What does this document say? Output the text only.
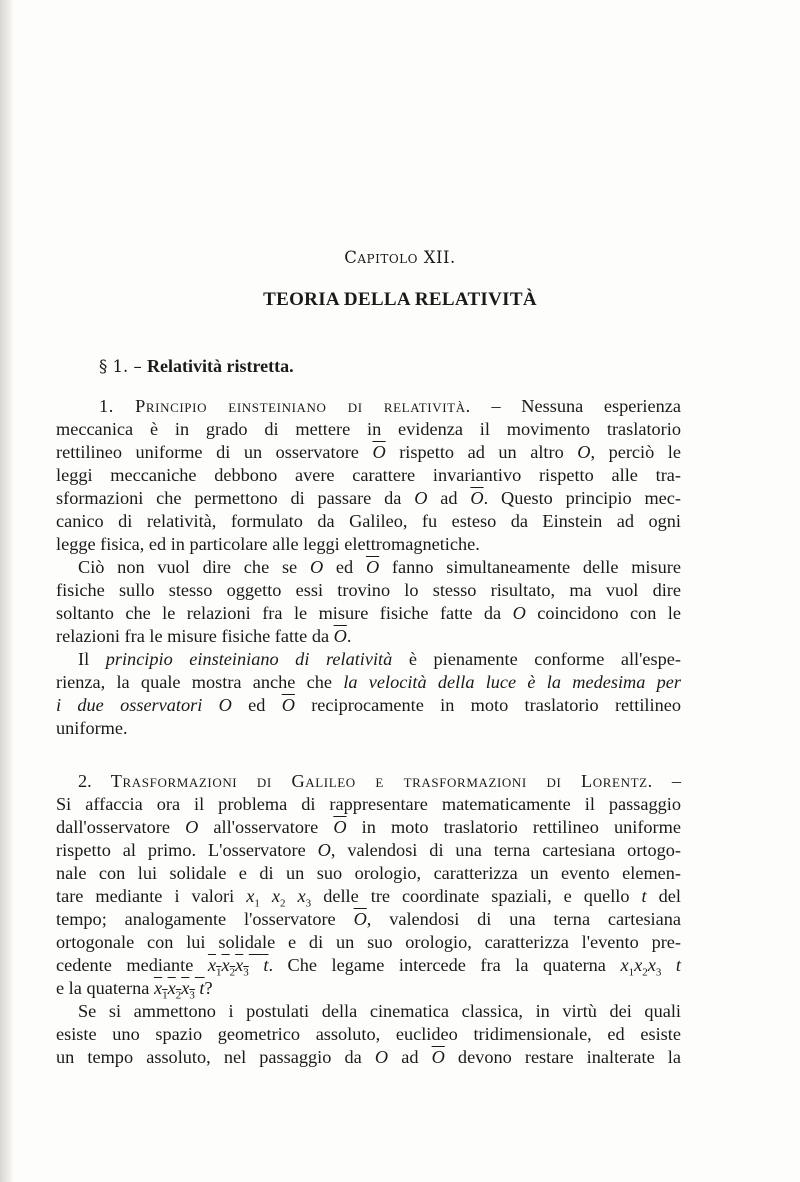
Capitolo XII.
TEORIA DELLA RELATIVITÀ
§ 1. – Relatività ristretta.
1. Principio einsteiniano di relatività. – Nessuna esperienza
meccanica è in grado di mettere in evidenza il movimento traslatorio
rettilineo uniforme di un osservatore $\overline{O}$ rispetto ad un altro O, perciò le
leggi meccaniche debbono avere carattere invariantivo rispetto alle tra-
sformazioni che permettono di passare da O ad $\overline{O}$. Questo principio mec-
canico di relatività, formulato da Galileo, fu esteso da Einstein ad ogni
legge fisica, ed in particolare alle leggi elettromagnetiche.
Ciò non vuol dire che se O ed $\overline{O}$ fanno simultaneamente delle misure
fisiche sullo stesso oggetto essi trovino lo stesso risultato, ma vuol dire
soltanto che le relazioni fra le misure fisiche fatte da O coincidono con le
relazioni fra le misure fisiche fatte da $\overline{O}$.
Il principio einsteiniano di relatività è pienamente conforme all'espe-
rienza, la quale mostra anche che la velocità della luce è la medesima per
i due osservatori O ed $\overline{O}$ reciprocamente in moto traslatorio rettilineo
uniforme.
2. Trasformazioni di Galileo e trasformazioni di Lorentz. –
Si affaccia ora il problema di rappresentare matematicamente il passaggio
dall'osservatore O all'osservatore $\overline{O}$ in moto traslatorio rettilineo uniforme
rispetto al primo. L'osservatore O, valendosi di una terna cartesiana ortogo-
nale con lui solidale e di un suo orologio, caratterizza un evento elemen-
tare mediante i valori $x_1$ $x_2$ $x_3$ delle tre coordinate spaziali, e quello t del
tempo; analogamente l'osservatore $\overline{O}$, valendosi di una terna cartesiana
ortogonale con lui solidale e di un suo orologio, caratterizza l'evento pre-
cedente mediante $x_1x_2x_3$ t. Che legame intercede fra la quaterna $x_1x_2x_3$ t
e la quaterna $x_1x_2x_3$ t?
Se si ammettono i postulati della cinematica classica, in virtù dei quali
esiste uno spazio geometrico assoluto, euclideo tridimensionale, ed esiste
un tempo assoluto, nel passaggio da O ad $\overline{O}$ devono restare inalterate la
